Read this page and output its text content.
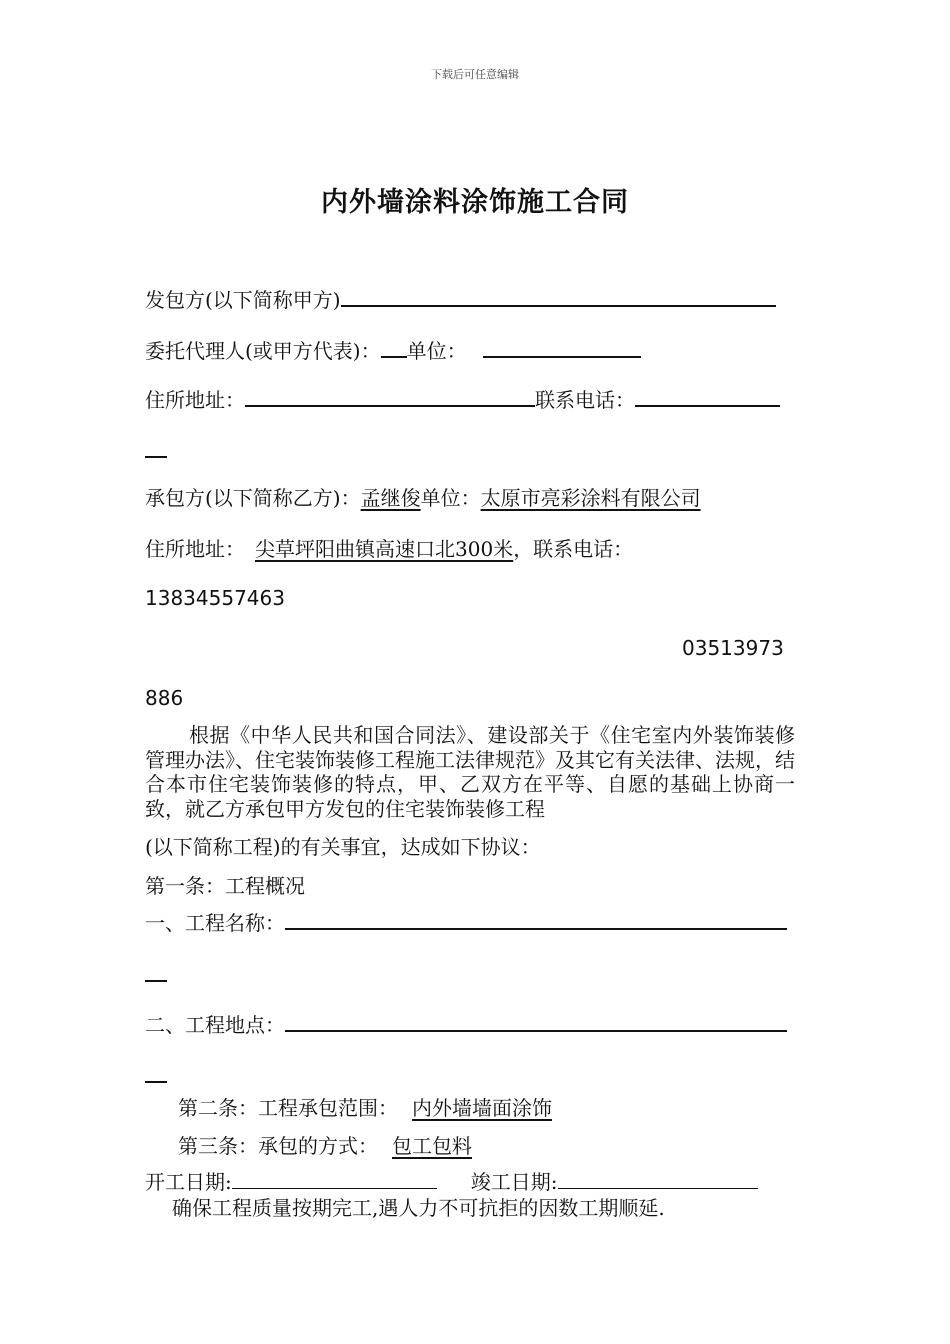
下载后可任意编辑
内外墙涂料涂饰施工合同
发包方(以下简称甲方)
委托代理人(或甲方代表)： 单位：
住所地址：	联系电话：
承包方(以下简称乙方)：孟继俊单位：太原市亮彩涂料有限公司
住所地址： 尖草坪阳曲镇高速口北300米，联系电话：
13834557463
03513973
886
根据《中华人民共和国合同法》、建设部关于《住宅室内外装饰装修管理办法》、住宅装饰装修工程施工法律规范》及其它有关法律、法规，结合本市住宅装饰装修的特点，甲、乙双方在平等、自愿的基础上协商一致，就乙方承包甲方发包的住宅装饰装修工程
(以下简称工程)的有关事宜，达成如下协议：
第一条：工程概况
一、工程名称：
二、工程地点：
第二条：工程承包范围： 内外墙墙面涂饰
第三条：承包的方式： 包工包料
开工日期:	竣工日期:
确保工程质量按期完工,遇人力不可抗拒的因数工期顺延.
